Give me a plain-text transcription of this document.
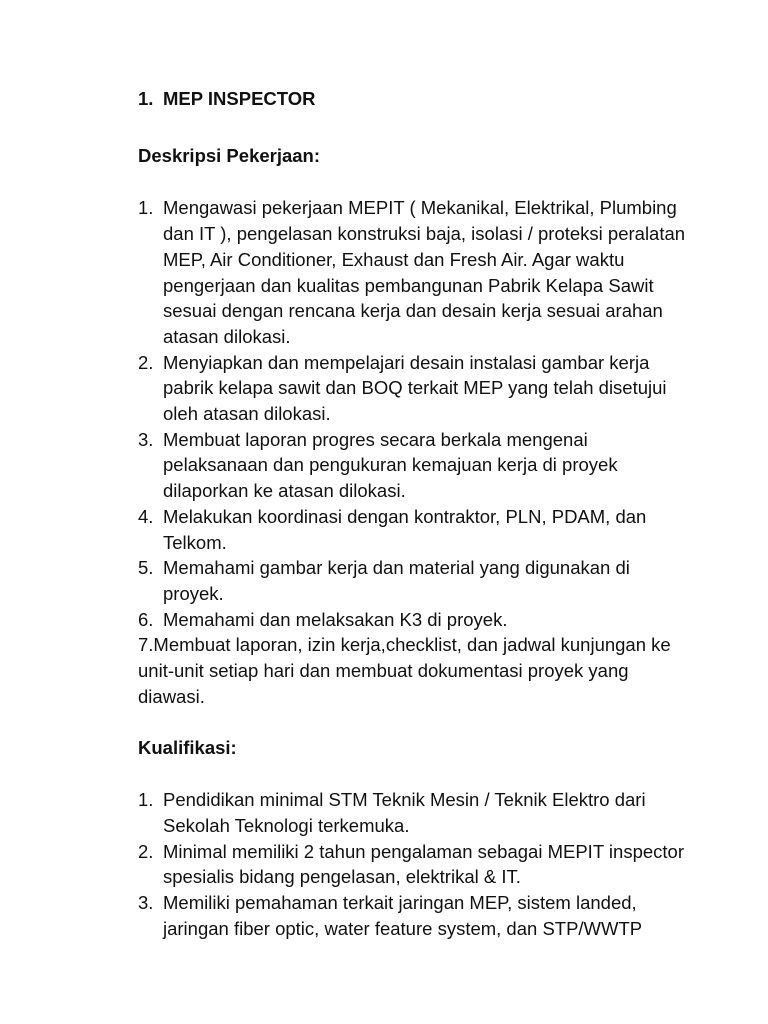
1. MEP INSPECTOR

Deskripsi Pekerjaan:

1. Mengawasi pekerjaan MEPIT ( Mekanikal, Elektrikal, Plumbing dan IT ), pengelasan konstruksi baja, isolasi / proteksi peralatan MEP, Air Conditioner, Exhaust dan Fresh Air. Agar waktu pengerjaan dan kualitas pembangunan Pabrik Kelapa Sawit sesuai dengan rencana kerja dan desain kerja sesuai arahan atasan dilokasi.
2. Menyiapkan dan mempelajari desain instalasi gambar kerja pabrik kelapa sawit dan BOQ terkait MEP yang telah disetujui oleh atasan dilokasi.
3. Membuat laporan progres secara berkala mengenai pelaksanaan dan pengukuran kemajuan kerja di proyek dilaporkan ke atasan dilokasi.
4. Melakukan koordinasi dengan kontraktor, PLN, PDAM, dan Telkom.
5. Memahami gambar kerja dan material yang digunakan di proyek.
6. Memahami dan melaksakan K3 di proyek.

7.Membuat laporan, izin kerja,checklist, dan jadwal kunjungan ke unit-unit setiap hari dan membuat dokumentasi proyek yang diawasi.

Kualifikasi:

1. Pendidikan minimal STM Teknik Mesin / Teknik Elektro dari Sekolah Teknologi terkemuka.
2. Minimal memiliki 2 tahun pengalaman sebagai MEPIT inspector spesialis bidang pengelasan, elektrikal & IT.
3. Memiliki pemahaman terkait jaringan MEP, sistem landed, jaringan fiber optic, water feature system, dan STP/WWTP
